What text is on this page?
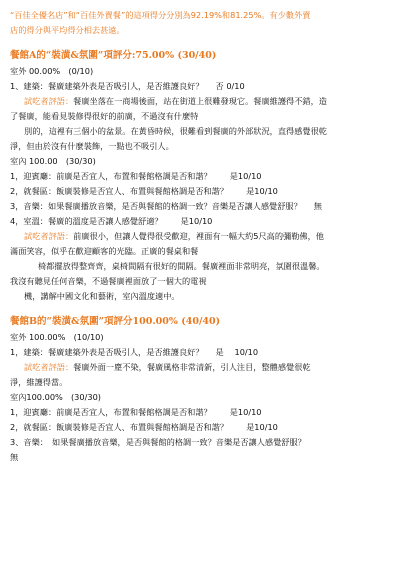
“百佳全優名店”和“百佳外賣餐”的這項得分分別為92.19%和81.25%。有少數外賣

店的得分與平均得分相去甚遠。

餐館A的“裝潢&氛圍”項評分:75.00% (30/40)

室外 00.00%　(0/10)

1、建築：餐廣建築外表是否吸引人，是否維護良好？ 否 0/10

試吃者評語：餐廣坐落在一商場後面，站在街道上很難發現它。餐廣維護得不錯，造

了餐廣，能看見裝修得很好的前廣，不過沒有什麼特

別的，這裡有三個小的盆景。在黃昏時候，很難看到餐廣的外部狀況，直得感覺很乾

淨，但由於沒有什麼裝飾，一點也不吸引人。

室內 100.00　(30/30)

1，迎賓廳：前廣是否宜人，布置和餐館格調是否和諧？ 是10/10

2，就餐區：飯廣裝修是否宜人、布置與餐館格調是否和諧？ 是10/10

3，音樂：如果餐廣播放音樂，是否與餐館的格調一致？音樂是否讓人感覺舒服？ 無

4，室溫：餐廣的溫度是否讓人感覺舒適？ 是10/10

試吃者評語：前廣很小，但讓人覺得很受歡迎，裡面有一幅大約5尺高的彌勒佛，他

滿面笑容，似乎在歡迎顧客的光臨。正廣的餐桌和餐

椅都擺放得整齊齊，桌椅間隔有很好的間隔。餐廣裡面非常明亮，氛圍很溫馨。

我沒有聽見任何音樂，不過餐廣裡面放了一個大的電視

機，講解中國文化和藝術，室內溫度適中。

餐館B的“裝潢&氛圍”項評分100.00% (40/40)

室外 100.00%　(10/10)

1，建築：餐廣建築外表是否吸引人，是否維護良好？ 是　 10/10

試吃者評語：餐廣外面一塵不染，餐廣風格非常清新，引人注目，整體感覺很乾

淨，維護得當。

室內100.00%　(30/30)

1，迎賓廳：前廣是否宜人，布置和餐館格調是否和諧？ 是10/10

2，就餐區：飯廣裝修是否宜人、布置與餐館格調是否和諧？ 是10/10

3、音樂：　如果餐廣播放音樂，是否與餐館的格調一致？音樂是否讓人感覺舒服？

無
